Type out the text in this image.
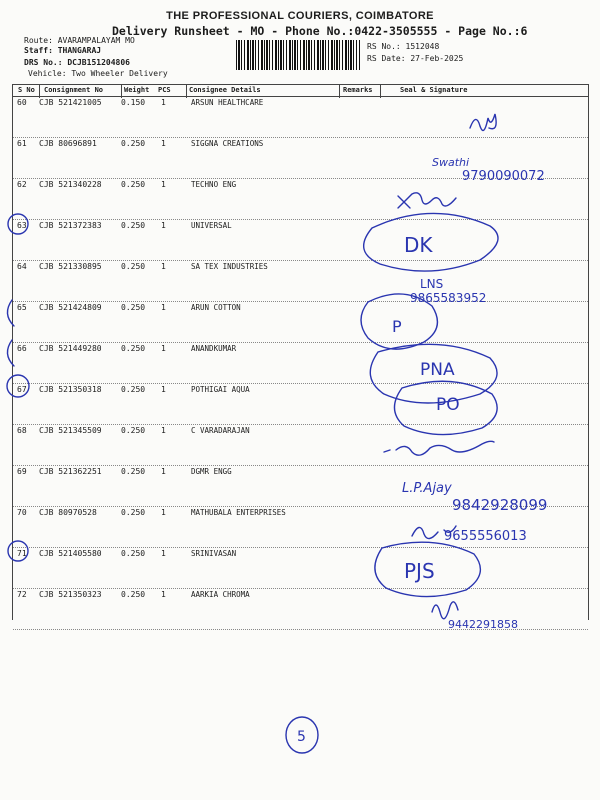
THE PROFESSIONAL COURIERS, COIMBATORE
Delivery Runsheet - MO - Phone No.:0422-3505555 - Page No.:6
Route: AVARAMPALAYAM MO
Staff: THANGARAJ
DRS No.: DCJB151204806
Vehicle: Two Wheeler Delivery
RS No.: 1512048
RS Date: 27-Feb-2025
S No Consignment No	Weight PCS	Consignee Details	Remarks	Seal & Signature
60 CJB 521421005 0.150 1	ARSUN HEALTHCARE
61 CJB 80696891	0.250 1	SIGGNA CREATIONS
62 CJB 521340228 0.250 1	TECHNO ENG
63 CJB 521372383 0.250 1	UNIVERSAL
64 CJB 521330895 0.250 1	SA TEX INDUSTRIES
65 CJB 521424809 0.250 1	ARUN COTTON
66 CJB 521449280 0.250 1	ANANDKUMAR
67 CJB 521350318 0.250 1	POTHIGAI AQUA
68 CJB 521345509 0.250 1	C VARADARAJAN
69 CJB 521362251 0.250 1	DGMR ENGG
70 CJB 80970528	0.250 1	MATHUBALA ENTERPRISES
71 CJB 521405580 0.250 1	SRINIVASAN
72 CJB 521350323 0.250 1	AARKIA CHROMA
Swathi
9790090072
DK
LNS
9865583952
P
PNA
PO
L.P.Ajay
9842928099
9655556013
PJS
9442291858
5
